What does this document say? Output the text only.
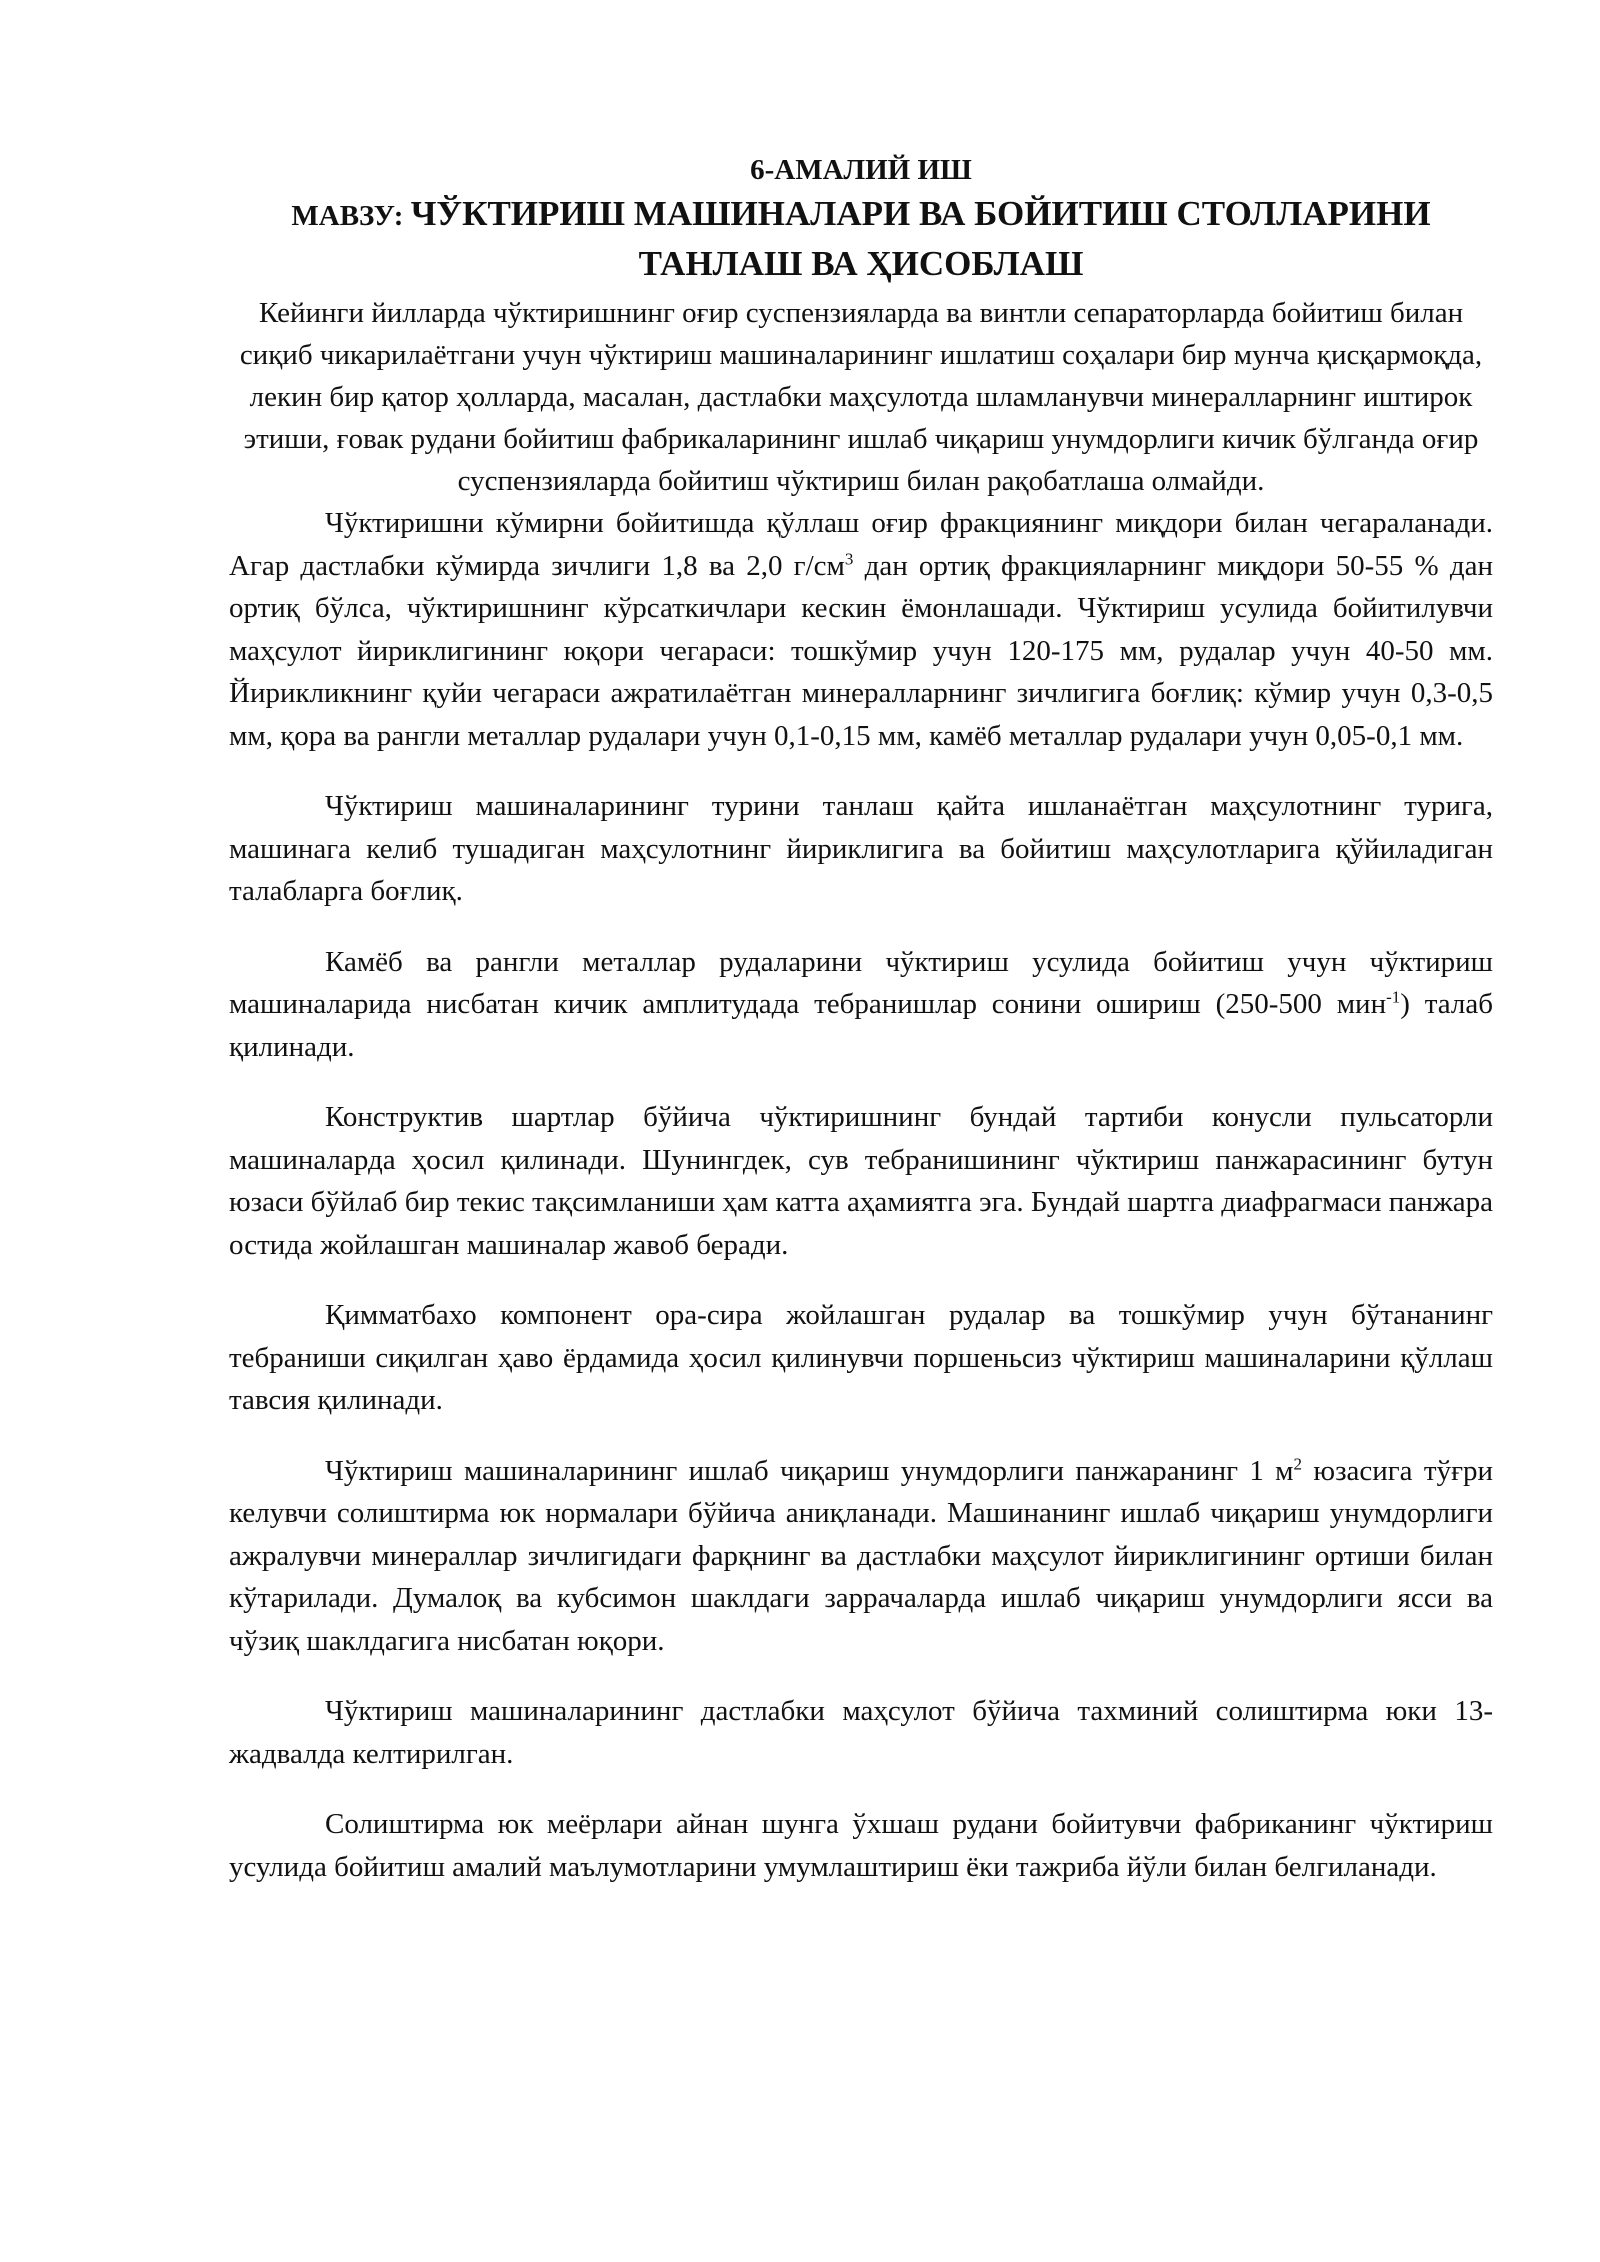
6-АМАЛИЙ ИШ

МАВЗУ: ЧЎКТИРИШ МАШИНАЛАРИ ВА БОЙИТИШ СТОЛЛАРИНИ
ТАНЛАШ ВА ҲИСОБЛАШ

Кейинги йилларда чўктиришнинг оғир суспензияларда ва винтли сепараторларда бойитиш билан сиқиб чикарилаётгани учун чўктириш машиналарининг ишлатиш соҳалари бир мунча қисқармоқда, лекин бир қатор ҳолларда, масалан, дастлабки маҳсулотда шламланувчи минералларнинг иштирок этиши, ғовак рудани бойитиш фабрикаларининг ишлаб чиқариш унумдорлиги кичик бўлганда оғир суспензияларда бойитиш чўктириш билан рақобатлаша олмайди.

Чўктиришни кўмирни бойитишда қўллаш оғир фракциянинг миқдори билан чегараланади. Агар дастлабки кўмирда зичлиги 1,8 ва 2,0 $г/см^3$ дан ортиқ фракцияларнинг миқдори 50-55 % дан ортиқ бўлса, чўктиришнинг кўрсаткичлари кескин ёмонлашади. Чўктириш усулида бойитилувчи маҳсулот йириклигининг юқори чегараси: тошкўмир учун 120-175 мм, рудалар учун 40-50 мм. Йирикликнинг қуйи чегараси ажратилаётган минералларнинг зичлигига боғлиқ: кўмир учун 0,3-0,5 мм, қора ва рангли металлар рудалари учун 0,1-0,15 мм, камёб металлар рудалари учун 0,05-0,1 мм.

Чўктириш машиналарининг турини танлаш қайта ишланаётган маҳсулотнинг турига, машинага келиб тушадиган маҳсулотнинг йириклигига ва бойитиш маҳсулотларига қўйиладиган талабларга боғлиқ.

Камёб ва рангли металлар рудаларини чўктириш усулида бойитиш учун чўктириш машиналарида нисбатан кичик амплитудада тебранишлар сонини ошириш (250-500 мин$^{-1}$) талаб қилинади.

Конструктив шартлар бўйича чўктиришнинг бундай тартиби конусли пульсаторли машиналарда ҳосил қилинади. Шунингдек, сув тебранишининг чўктириш панжарасининг бутун юзаси бўйлаб бир текис тақсимланиши ҳам катта аҳамиятга эга. Бундай шартга диафрагмаси панжара остида жойлашган машиналар жавоб беради.

Қимматбахо компонент ора-сира жойлашган рудалар ва тошкўмир учун бўтананинг тебраниши сиқилган ҳаво ёрдамида ҳосил қилинувчи поршеньсиз чўктириш машиналарини қўллаш тавсия қилинади.

Чўктириш машиналарининг ишлаб чиқариш унумдорлиги панжаранинг 1 $м^2$ юзасига тўғри келувчи солиштирма юк нормалари бўйича аниқланади. Машинанинг ишлаб чиқариш унумдорлиги ажралувчи минераллар зичлигидаги фарқнинг ва дастлабки маҳсулот йириклигининг ортиши билан кўтарилади. Думалоқ ва кубсимон шаклдаги заррачаларда ишлаб чиқариш унумдорлиги ясси ва чўзиқ шаклдагига нисбатан юқори.

Чўктириш машиналарининг дастлабки маҳсулот бўйича тахминий солиштирма юки 13-жадвалда келтирилган.

Солиштирма юк меёрлари айнан шунга ўхшаш рудани бойитувчи фабриканинг чўктириш усулида бойитиш амалий маълумотларини умумлаштириш ёки тажриба йўли билан белгиланади.
